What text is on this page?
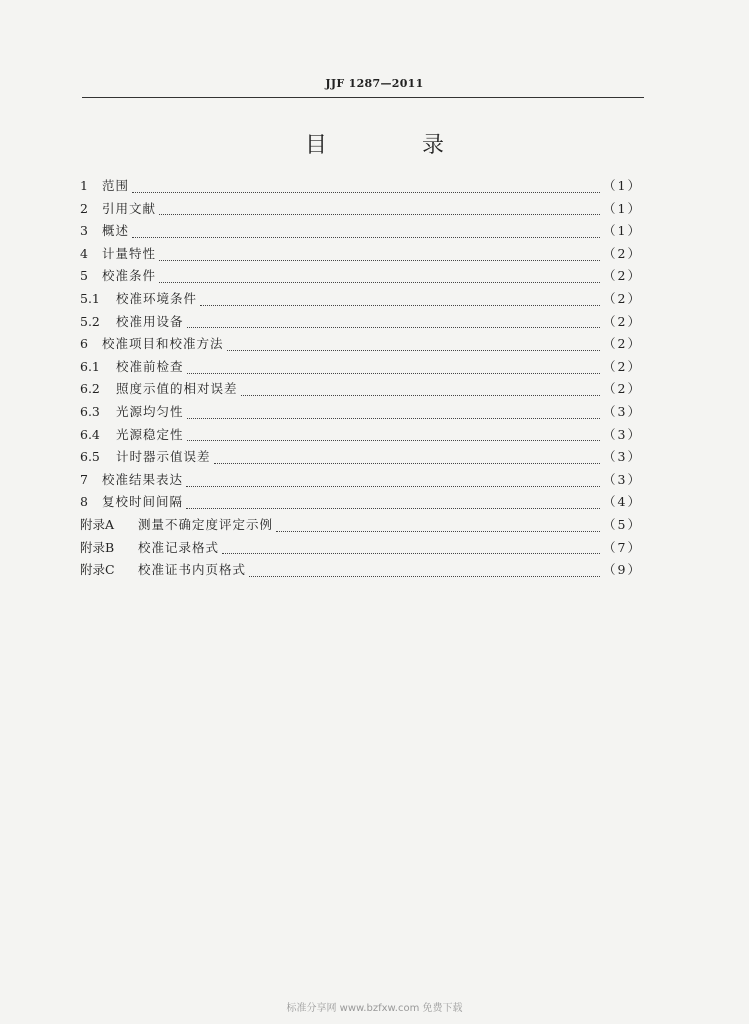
JJF 1287—2011
目 录
1	范围	（1）
2	引用文献	（1）
3	概述	（1）
4	计量特性	（2）
5	校准条件	（2）
5.1	校准环境条件	（2）
5.2	校准用设备	（2）
6	校准项目和校准方法	（2）
6.1	校准前检查	（2）
6.2	照度示值的相对误差	（2）
6.3	光源均匀性	（3）
6.4	光源稳定性	（3）
6.5	计时器示值误差	（3）
7	校准结果表达	（3）
8	复校时间间隔	（4）
附录A	测量不确定度评定示例	（5）
附录B	校准记录格式	（7）
附录C	校准证书内页格式	（9）
标准分享网 www.bzfxw.com 免费下载
